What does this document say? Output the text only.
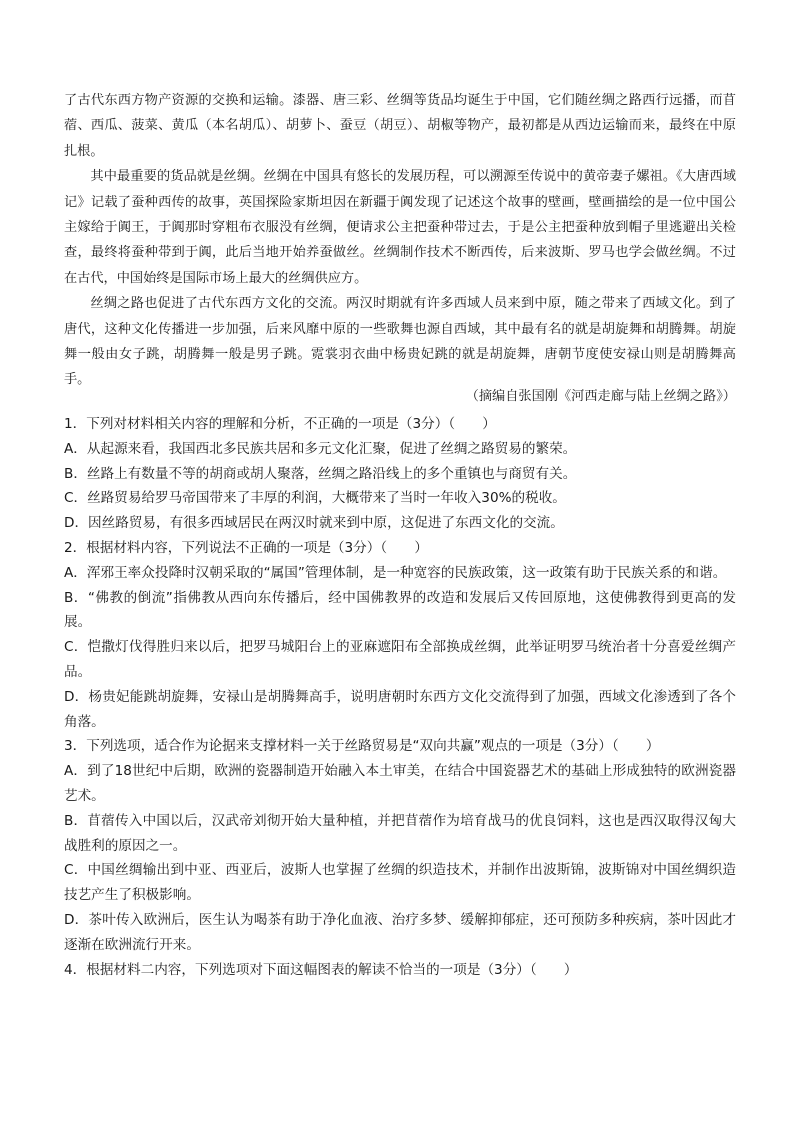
了古代东西方物产资源的交换和运输。漆器、唐三彩、丝绸等货品均诞生于中国，它们随丝绸之路西行远播，而苜蓿、西瓜、菠菜、黄瓜（本名胡瓜）、胡萝卜、蚕豆（胡豆）、胡椒等物产，最初都是从西边运输而来，最终在中原扎根。

其中最重要的货品就是丝绸。丝绸在中国具有悠长的发展历程，可以溯源至传说中的黄帝妻子嫘祖。《大唐西域记》记载了蚕种西传的故事，英国探险家斯坦因在新疆于阗发现了记述这个故事的壁画，壁画描绘的是一位中国公主嫁给于阗王，于阗那时穿粗布衣服没有丝绸，便请求公主把蚕种带过去，于是公主把蚕种放到帽子里逃避出关检查，最终将蚕种带到于阗，此后当地开始养蚕做丝。丝绸制作技术不断西传，后来波斯、罗马也学会做丝绸。不过在古代，中国始终是国际市场上最大的丝绸供应方。

丝绸之路也促进了古代东西方文化的交流。两汉时期就有许多西域人员来到中原，随之带来了西域文化。到了唐代，这种文化传播进一步加强，后来风靡中原的一些歌舞也源自西域，其中最有名的就是胡旋舞和胡腾舞。胡旋舞一般由女子跳，胡腾舞一般是男子跳。霓裳羽衣曲中杨贵妃跳的就是胡旋舞，唐朝节度使安禄山则是胡腾舞高手。

（摘编自张国刚《河西走廊与陆上丝绸之路》）
1．下列对材料相关内容的理解和分析，不正确的一项是（3分）（　　）
A．从起源来看，我国西北多民族共居和多元文化汇聚，促进了丝绸之路贸易的繁荣。
B．丝路上有数量不等的胡商或胡人聚落，丝绸之路沿线上的多个重镇也与商贸有关。
C．丝路贸易给罗马帝国带来了丰厚的利润，大概带来了当时一年收入30%的税收。
D．因丝路贸易，有很多西域居民在两汉时就来到中原，这促进了东西文化的交流。
2．根据材料内容，下列说法不正确的一项是（3分）（　　）
A．浑邪王率众投降时汉朝采取的“属国”管理体制，是一种宽容的民族政策，这一政策有助于民族关系的和谐。
B．“佛教的倒流”指佛教从西向东传播后，经中国佛教界的改造和发展后又传回原地，这使佛教得到更高的发展。
C．恺撒灯伐得胜归来以后，把罗马城阳台上的亚麻遮阳布全部换成丝绸，此举证明罗马统治者十分喜爱丝绸产品。
D．杨贵妃能跳胡旋舞，安禄山是胡腾舞高手，说明唐朝时东西方文化交流得到了加强，西域文化渗透到了各个角落。
3．下列选项，适合作为论据来支撑材料一关于丝路贸易是“双向共赢”观点的一项是（3分）（　　）
A．到了18世纪中后期，欧洲的瓷器制造开始融入本土审美，在结合中国瓷器艺术的基础上形成独特的欧洲瓷器艺术。
B．苜蓿传入中国以后，汉武帝刘彻开始大量种植，并把苜蓿作为培育战马的优良饲料，这也是西汉取得汉匈大战胜利的原因之一。
C．中国丝绸输出到中亚、西亚后，波斯人也掌握了丝绸的织造技术，并制作出波斯锦，波斯锦对中国丝绸织造技艺产生了积极影响。
D．茶叶传入欧洲后，医生认为喝茶有助于净化血液、治疗多梦、缓解抑郁症，还可预防多种疾病，茶叶因此才逐渐在欧洲流行开来。
4．根据材料二内容，下列选项对下面这幅图表的解读不恰当的一项是（3分）（　　）
